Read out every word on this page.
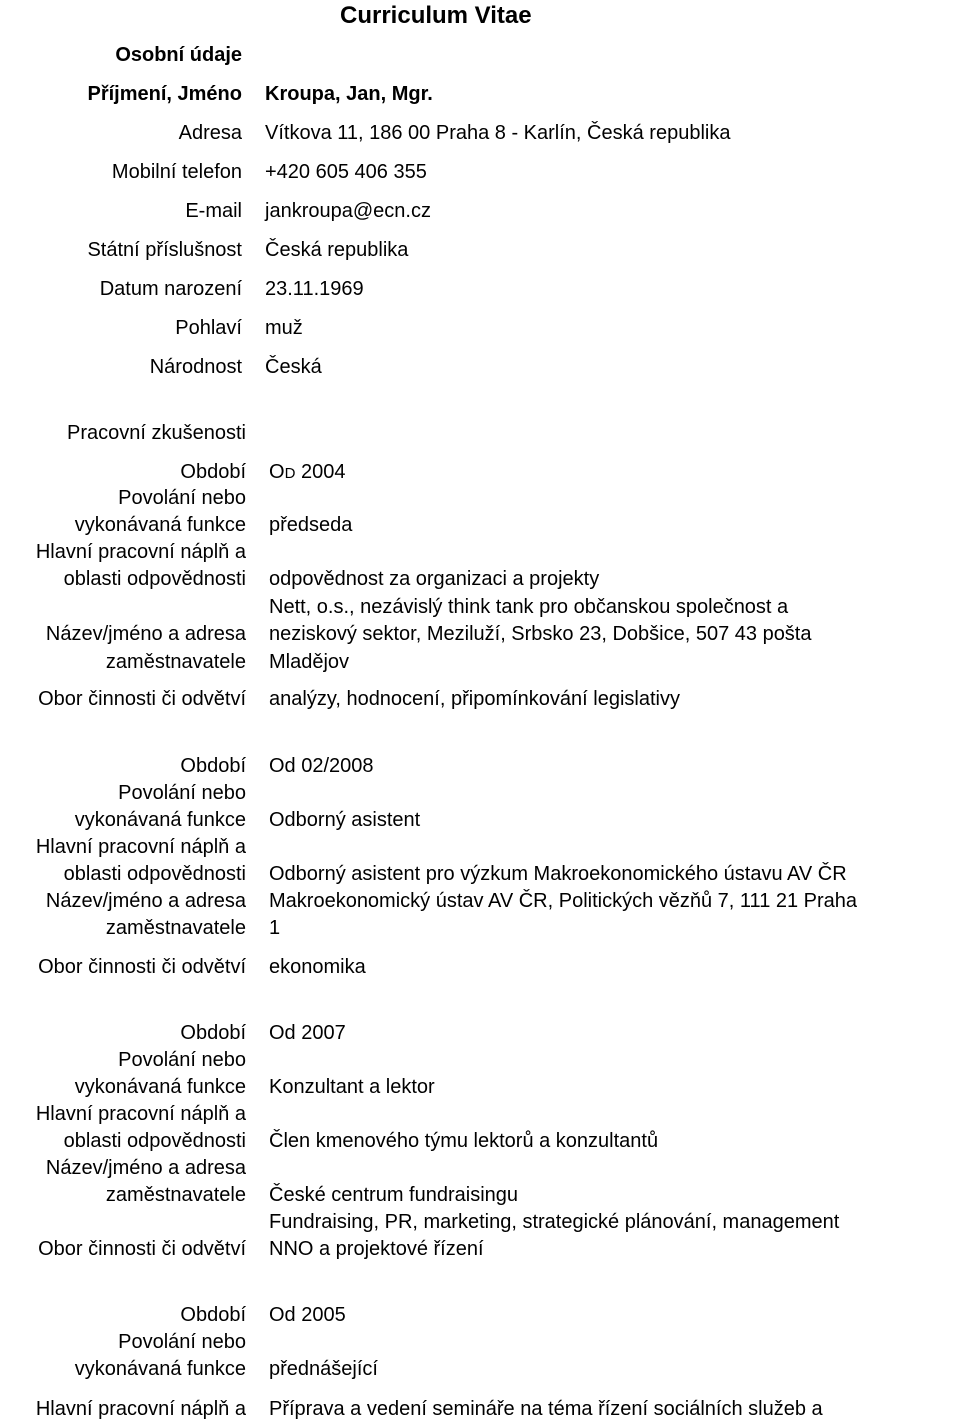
Curriculum Vitae
Osobní údaje
Příjmení, Jméno Kroupa, Jan, Mgr.
Adresa Vítkova 11, 186 00 Praha 8 - Karlín, Česká republika
Mobilní telefon +420 605 406 355
E-mail jankroupa@ecn.cz
Státní příslušnost Česká republika
Datum narození 23.11.1969
Pohlaví muž
Národnost Česká
Pracovní zkušenosti
Období OD 2004
Povolání nebo
vykonávaná funkce předseda
Hlavní pracovní náplň a
oblasti odpovědnosti odpovědnost za organizaci a projekty
Nett, o.s., nezávislý think tank pro občanskou společnost a
Název/jméno a adresa neziskový sektor, Meziluží, Srbsko 23, Dobšice, 507 43 pošta
zaměstnavatele Mladějov
Obor činnosti či odvětví analýzy, hodnocení, připomínkování legislativy
Období Od 02/2008
Povolání nebo
vykonávaná funkce Odborný asistent
Hlavní pracovní náplň a
oblasti odpovědnosti Odborný asistent pro výzkum Makroekonomického ústavu AV ČR
Název/jméno a adresa Makroekonomický ústav AV ČR, Politických vězňů 7, 111 21 Praha
zaměstnavatele 1
Obor činnosti či odvětví ekonomika
Období Od 2007
Povolání nebo
vykonávaná funkce Konzultant a lektor
Hlavní pracovní náplň a
oblasti odpovědnosti Člen kmenového týmu lektorů a konzultantů
Název/jméno a adresa
zaměstnavatele České centrum fundraisingu
Fundraising, PR, marketing, strategické plánování, management
Obor činnosti či odvětví NNO a projektové řízení
Období Od 2005
Povolání nebo
vykonávaná funkce přednášející
Hlavní pracovní náplň a Příprava a vedení semináře na téma řízení sociálních služeb a
